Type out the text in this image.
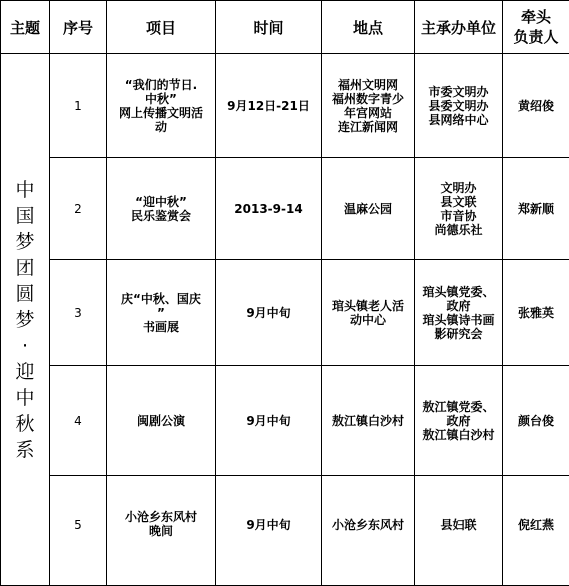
主题	序号	项目	时间	地点	主承办单位	牵头
负责人

中国梦团圆梦·迎中秋系	1	“我们的节日.
中秋”
网上传播文明活
动	9月12日-21日	福州文明网
福州数字青少
年宫网站
连江新闻网	市委文明办
县委文明办
县网络中心	黄绍俊
	2	“迎中秋”
民乐鉴赏会	2013-9-14	温麻公园	文明办
县文联
市音协
尚德乐社	郑新顺
	3	庆“中秋、国庆
”
书画展	9月中旬	琯头镇老人活
动中心	琯头镇党委、
政府
琯头镇诗书画
影研究会	张雅英
	4	闽剧公演	9月中旬	敖江镇白沙村	敖江镇党委、
政府
敖江镇白沙村	颜台俊
	5	小沧乡东风村
晚间	9月中旬	小沧乡东风村	县妇联	倪红燕
